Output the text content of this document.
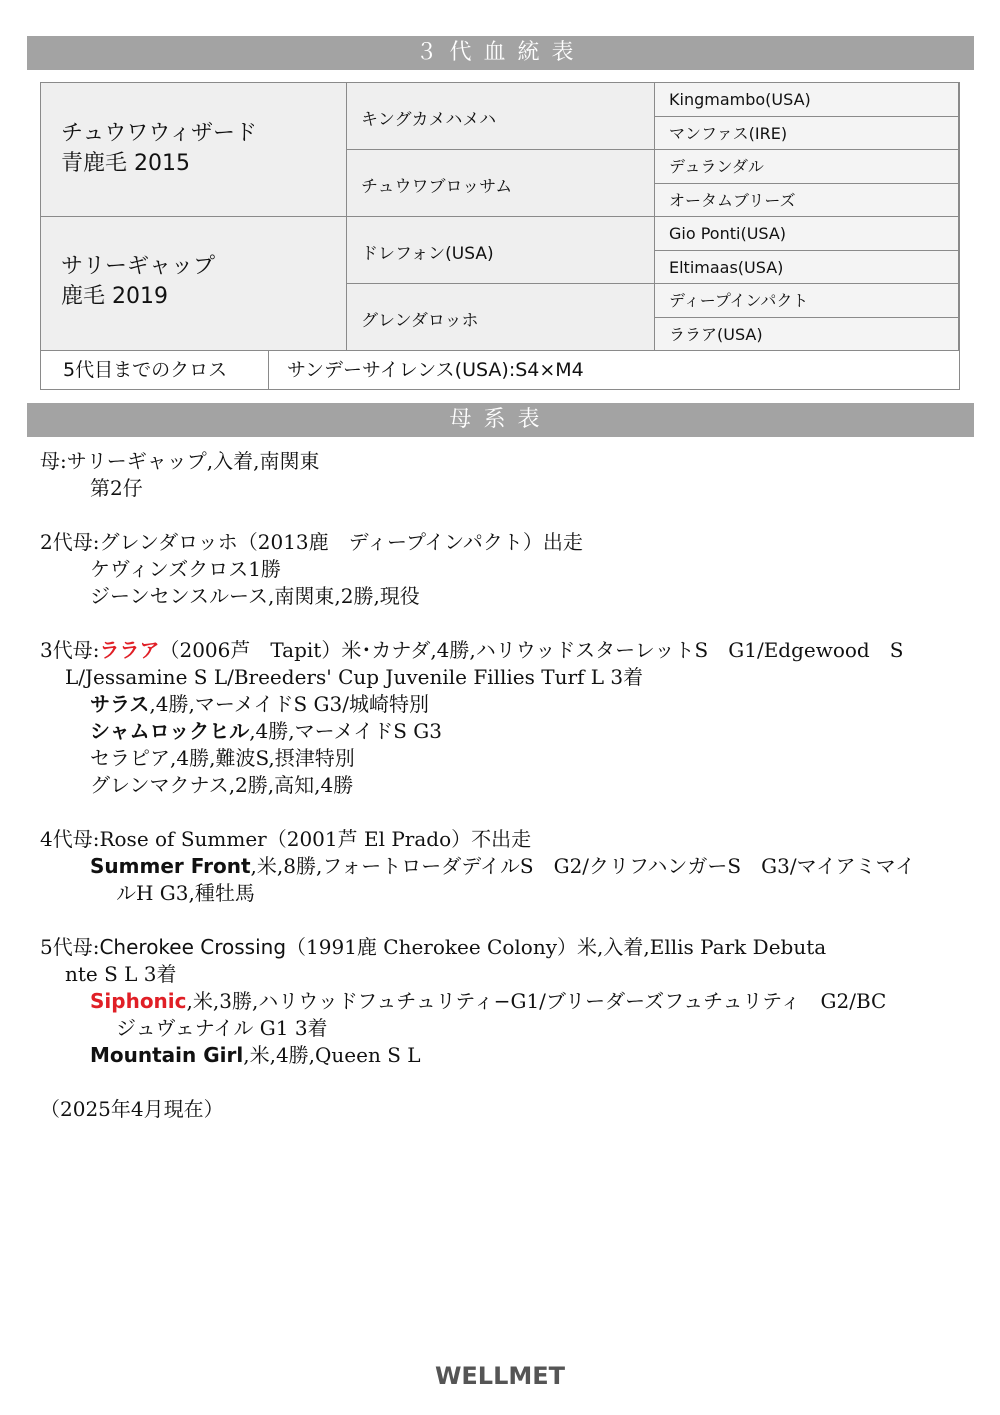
３代血統表
チュウワウィザード
青鹿毛 2015
サリーギャップ
鹿毛 2019
キングカメハメハ
チュウワブロッサム
ドレフォン(USA)
グレンダロッホ
Kingmambo(USA)
マンファス(IRE)
デュランダル
オータムブリーズ
Gio Ponti(USA)
Eltimaas(USA)
ディープインパクト
ララア(USA)
5代目までのクロス	サンデーサイレンス(USA):S4×M4
母系表
母:サリーギャップ,入着,南関東
第2仔
2代母:グレンダロッホ（2013鹿　ディープインパクト）出走
ケヴィンズクロス1勝
ジーンセンスルース,南関東,2勝,現役
3代母:ララア（2006芦　Tapit）米･カナダ,4勝,ハリウッドスターレットS　G1/Edgewood　S
L/Jessamine S L/Breeders' Cup Juvenile Fillies Turf L 3着
サラス,4勝,マーメイドS G3/城崎特別
シャムロックヒル,4勝,マーメイドS G3
セラピア,4勝,難波S,摂津特別
グレンマクナス,2勝,高知,4勝
4代母:Rose of Summer（2001芦 El Prado）不出走
Summer Front,米,8勝,フォートローダデイルS　G2/クリフハンガーS　G3/マイアミマイ
ルH G3,種牡馬
5代母:Cherokee Crossing（1991鹿 Cherokee Colony）米,入着,Ellis Park Debuta
nte S L 3着
Siphonic,米,3勝,ハリウッドフュチュリティ−G1/ブリーダーズフュチュリティ　G2/BC
ジュヴェナイル G1 3着
Mountain Girl,米,4勝,Queen S L
（2025年4月現在）
WELLMET
